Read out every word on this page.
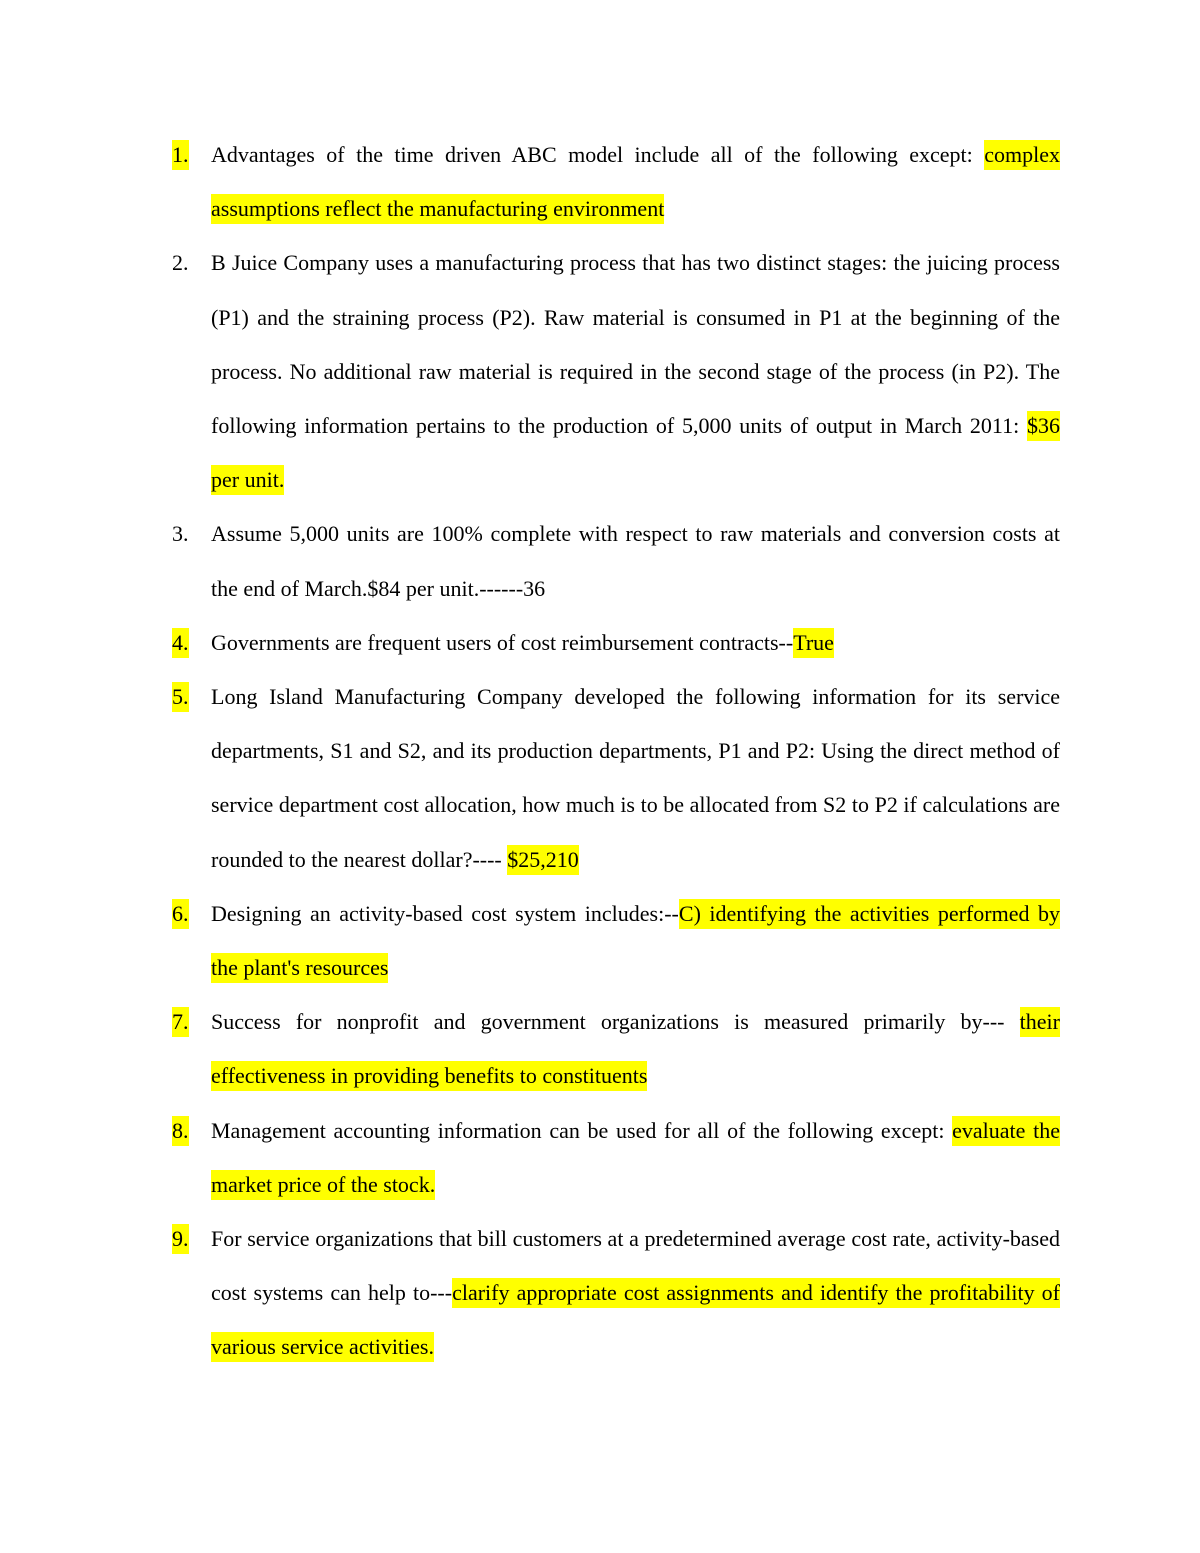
1.	Advantages of the time driven ABC model include all of the following except: complex assumptions reflect the manufacturing environment
2.	B Juice Company uses a manufacturing process that has two distinct stages: the juicing process (P1) and the straining process (P2). Raw material is consumed in P1 at the beginning of the process. No additional raw material is required in the second stage of the process (in P2). The following information pertains to the production of 5,000 units of output in March 2011: $36 per unit.
3.	Assume 5,000 units are 100% complete with respect to raw materials and conversion costs at the end of March.$84 per unit.------36
4.	Governments are frequent users of cost reimbursement contracts--True
5.	Long Island Manufacturing Company developed the following information for its service departments, S1 and S2, and its production departments, P1 and P2: Using the direct method of service department cost allocation, how much is to be allocated from S2 to P2 if calculations are rounded to the nearest dollar?---- $25,210
6.	Designing an activity-based cost system includes:--C) identifying the activities performed by the plant's resources
7.	Success for nonprofit and government organizations is measured primarily by--- their effectiveness in providing benefits to constituents
8.	Management accounting information can be used for all of the following except: evaluate the market price of the stock.
9.	For service organizations that bill customers at a predetermined average cost rate, activity-based cost systems can help to---clarify appropriate cost assignments and identify the profitability of various service activities.
